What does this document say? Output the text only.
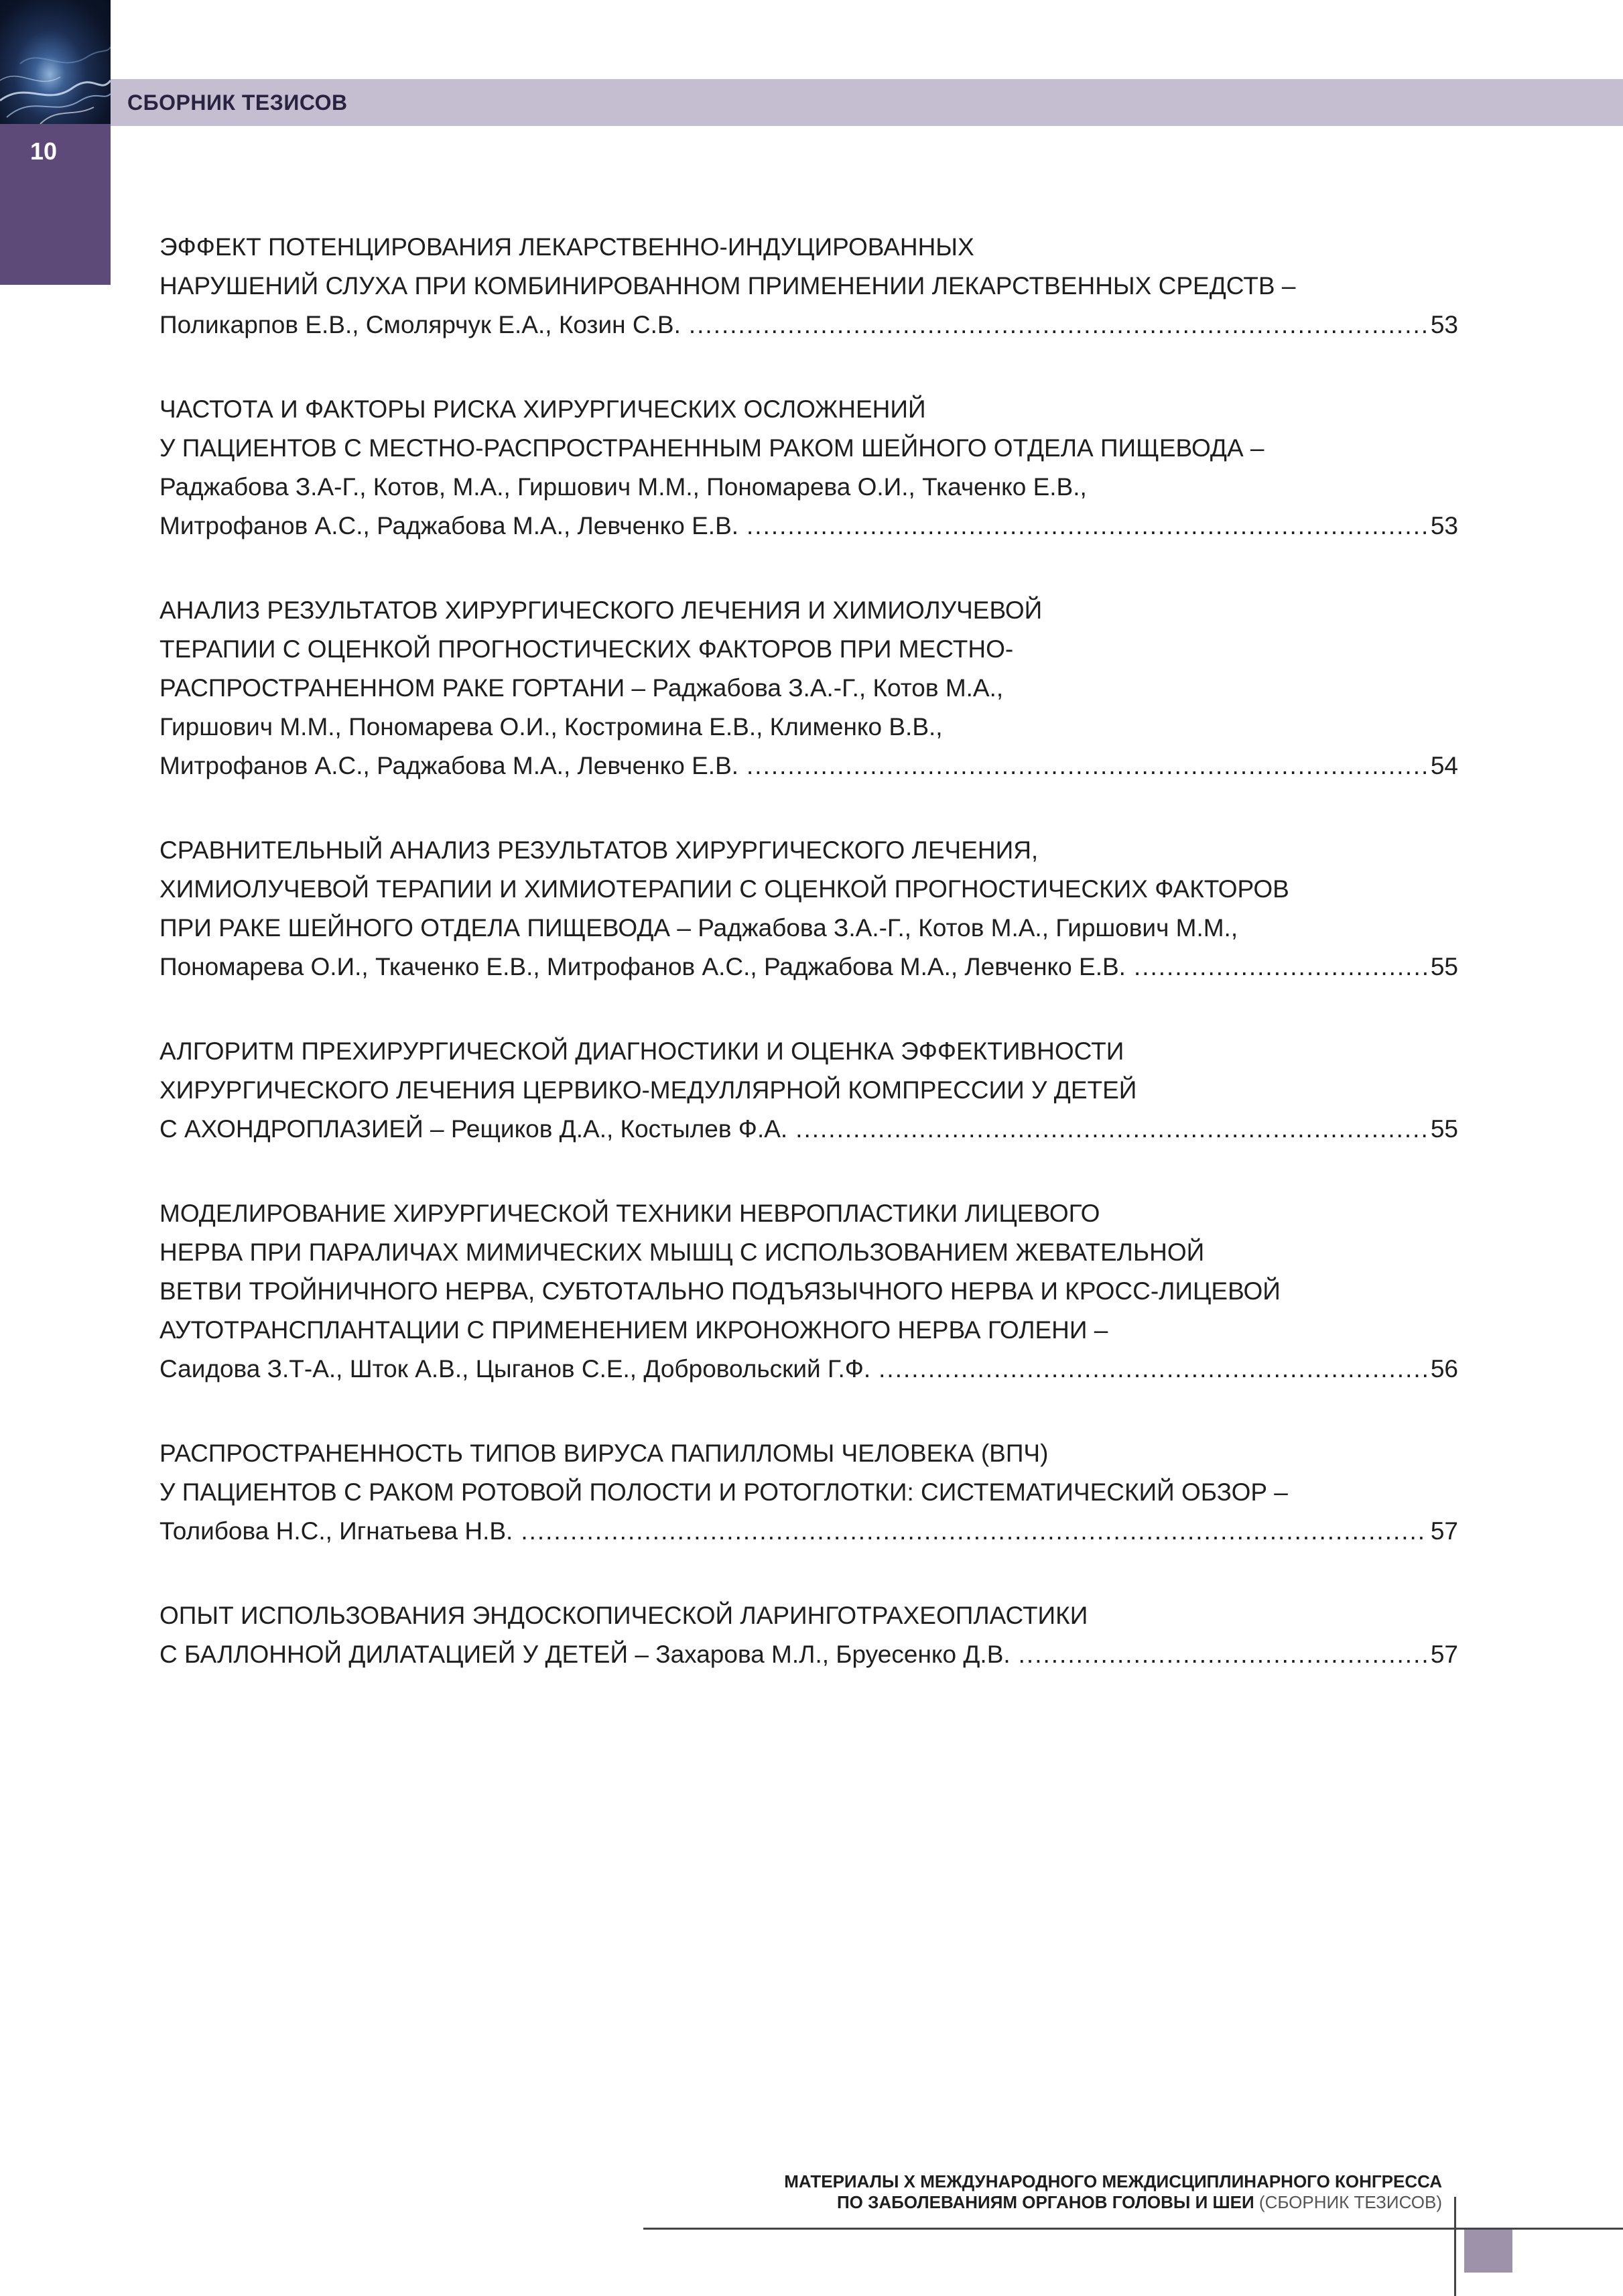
СБОРНИК ТЕЗИСОВ
10
ЭФФЕКТ ПОТЕНЦИРОВАНИЯ ЛЕКАРСТВЕННО-ИНДУЦИРОВАННЫХ
НАРУШЕНИЙ СЛУХА ПРИ КОМБИНИРОВАННОМ ПРИМЕНЕНИИ ЛЕКАРСТВЕННЫХ СРЕДСТВ –
Поликарпов Е.В., Смолярчук Е.А., Козин С.В. .....	53
ЧАСТОТА И ФАКТОРЫ РИСКА ХИРУРГИЧЕСКИХ ОСЛОЖНЕНИЙ
У ПАЦИЕНТОВ С МЕСТНО-РАСПРОСТРАНЕННЫМ РАКОМ ШЕЙНОГО ОТДЕЛА ПИЩЕВОДА –
Раджабова З.А-Г., Котов, М.А., Гиршович М.М., Пономарева О.И., Ткаченко Е.В.,
Митрофанов А.С., Раджабова М.А., Левченко Е.В. .....	53
АНАЛИЗ РЕЗУЛЬТАТОВ ХИРУРГИЧЕСКОГО ЛЕЧЕНИЯ И ХИМИОЛУЧЕВОЙ
ТЕРАПИИ С ОЦЕНКОЙ ПРОГНОСТИЧЕСКИХ ФАКТОРОВ ПРИ МЕСТНО-
РАСПРОСТРАНЕННОМ РАКЕ ГОРТАНИ – Раджабова З.А.-Г., Котов М.А.,
Гиршович М.М., Пономарева О.И., Костромина Е.В., Клименко В.В.,
Митрофанов А.С., Раджабова М.А., Левченко Е.В. .....	54
СРАВНИТЕЛЬНЫЙ АНАЛИЗ РЕЗУЛЬТАТОВ ХИРУРГИЧЕСКОГО ЛЕЧЕНИЯ,
ХИМИОЛУЧЕВОЙ ТЕРАПИИ И ХИМИОТЕРАПИИ С ОЦЕНКОЙ ПРОГНОСТИЧЕСКИХ ФАКТОРОВ
ПРИ РАКЕ ШЕЙНОГО ОТДЕЛА ПИЩЕВОДА – Раджабова З.А.-Г., Котов М.А., Гиршович М.М.,
Пономарева О.И., Ткаченко Е.В., Митрофанов А.С., Раджабова М.А., Левченко Е.В. .....	55
АЛГОРИТМ ПРЕХИРУРГИЧЕСКОЙ ДИАГНОСТИКИ И ОЦЕНКА ЭФФЕКТИВНОСТИ
ХИРУРГИЧЕСКОГО ЛЕЧЕНИЯ ЦЕРВИКО-МЕДУЛЛЯРНОЙ КОМПРЕССИИ У ДЕТЕЙ
С АХОНДРОПЛАЗИЕЙ – Рещиков Д.А., Костылев Ф.А. .....	55
МОДЕЛИРОВАНИЕ ХИРУРГИЧЕСКОЙ ТЕХНИКИ НЕВРОПЛАСТИКИ ЛИЦЕВОГО
НЕРВА ПРИ ПАРАЛИЧАХ МИМИЧЕСКИХ МЫШЦ С ИСПОЛЬЗОВАНИЕМ ЖЕВАТЕЛЬНОЙ
ВЕТВИ ТРОЙНИЧНОГО НЕРВА, СУБТОТАЛЬНО ПОДЪЯЗЫЧНОГО НЕРВА И КРОСС-ЛИЦЕВОЙ
АУТОТРАНСПЛАНТАЦИИ С ПРИМЕНЕНИЕМ ИКРОНОЖНОГО НЕРВА ГОЛЕНИ –
Саидова З.Т-А., Шток А.В., Цыганов С.Е., Добровольский Г.Ф. .....	56
РАСПРОСТРАНЕННОСТЬ ТИПОВ ВИРУСА ПАПИЛЛОМЫ ЧЕЛОВЕКА (ВПЧ)
У ПАЦИЕНТОВ С РАКОМ РОТОВОЙ ПОЛОСТИ И РОТОГЛОТКИ: СИСТЕМАТИЧЕСКИЙ ОБЗОР –
Толибова Н.С., Игнатьева Н.В. .....	57
ОПЫТ ИСПОЛЬЗОВАНИЯ ЭНДОСКОПИЧЕСКОЙ ЛАРИНГОТРАХЕОПЛАСТИКИ
С БАЛЛОННОЙ ДИЛАТАЦИЕЙ У ДЕТЕЙ – Захарова М.Л., Бруесенко Д.В. .....	57
МАТЕРИАЛЫ X МЕЖДУНАРОДНОГО МЕЖДИСЦИПЛИНАРНОГО КОНГРЕССА
ПО ЗАБОЛЕВАНИЯМ ОРГАНОВ ГОЛОВЫ И ШЕИ (СБОРНИК ТЕЗИСОВ)
